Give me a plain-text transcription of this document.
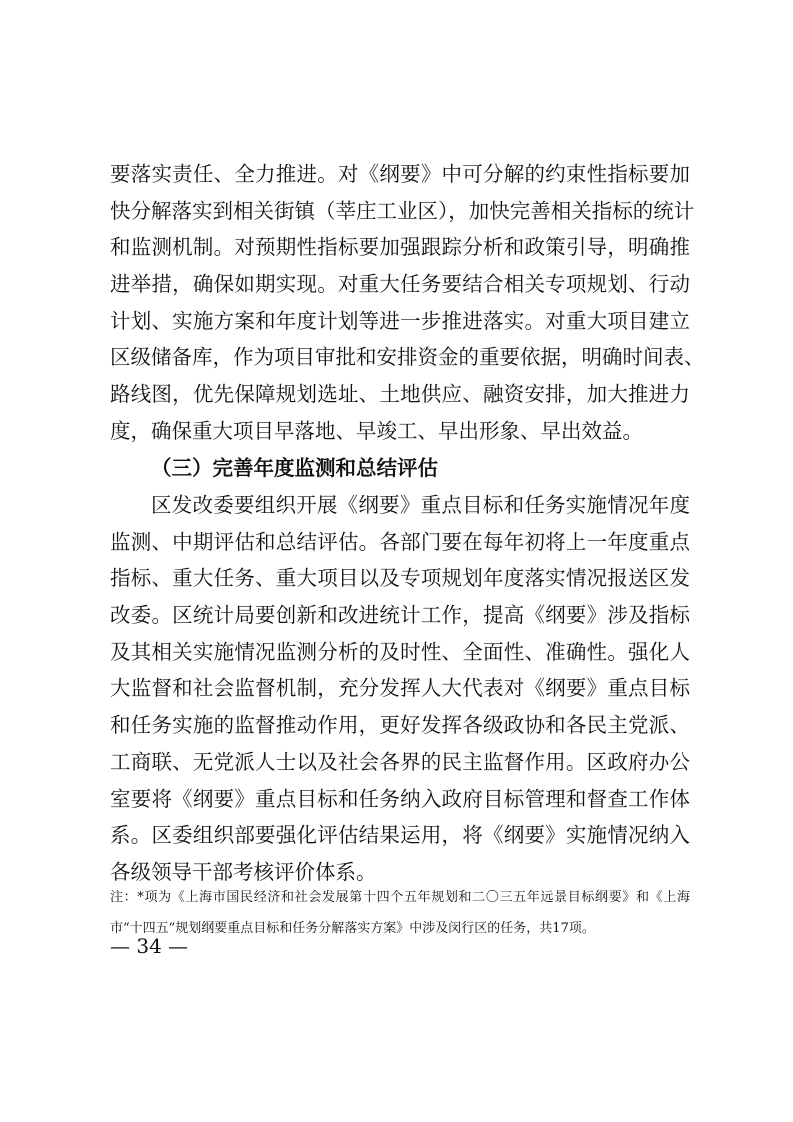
要落实责任、全力推进。对《纲要》中可分解的约束性指标要加
快分解落实到相关街镇（莘庄工业区），加快完善相关指标的统计
和监测机制。对预期性指标要加强跟踪分析和政策引导，明确推
进举措，确保如期实现。对重大任务要结合相关专项规划、行动
计划、实施方案和年度计划等进一步推进落实。对重大项目建立
区级储备库，作为项目审批和安排资金的重要依据，明确时间表、
路线图，优先保障规划选址、土地供应、融资安排，加大推进力
度，确保重大项目早落地、早竣工、早出形象、早出效益。
（三）完善年度监测和总结评估
区发改委要组织开展《纲要》重点目标和任务实施情况年度
监测、中期评估和总结评估。各部门要在每年初将上一年度重点
指标、重大任务、重大项目以及专项规划年度落实情况报送区发
改委。区统计局要创新和改进统计工作，提高《纲要》涉及指标
及其相关实施情况监测分析的及时性、全面性、准确性。强化人
大监督和社会监督机制，充分发挥人大代表对《纲要》重点目标
和任务实施的监督推动作用，更好发挥各级政协和各民主党派、
工商联、无党派人士以及社会各界的民主监督作用。区政府办公
室要将《纲要》重点目标和任务纳入政府目标管理和督查工作体
系。区委组织部要强化评估结果运用，将《纲要》实施情况纳入
各级领导干部考核评价体系。
注：*项为《上海市国民经济和社会发展第十四个五年规划和二〇三五年远景目标纲要》和《上海
市“十四五”规划纲要重点目标和任务分解落实方案》中涉及闵行区的任务，共17项。
— 34 —
